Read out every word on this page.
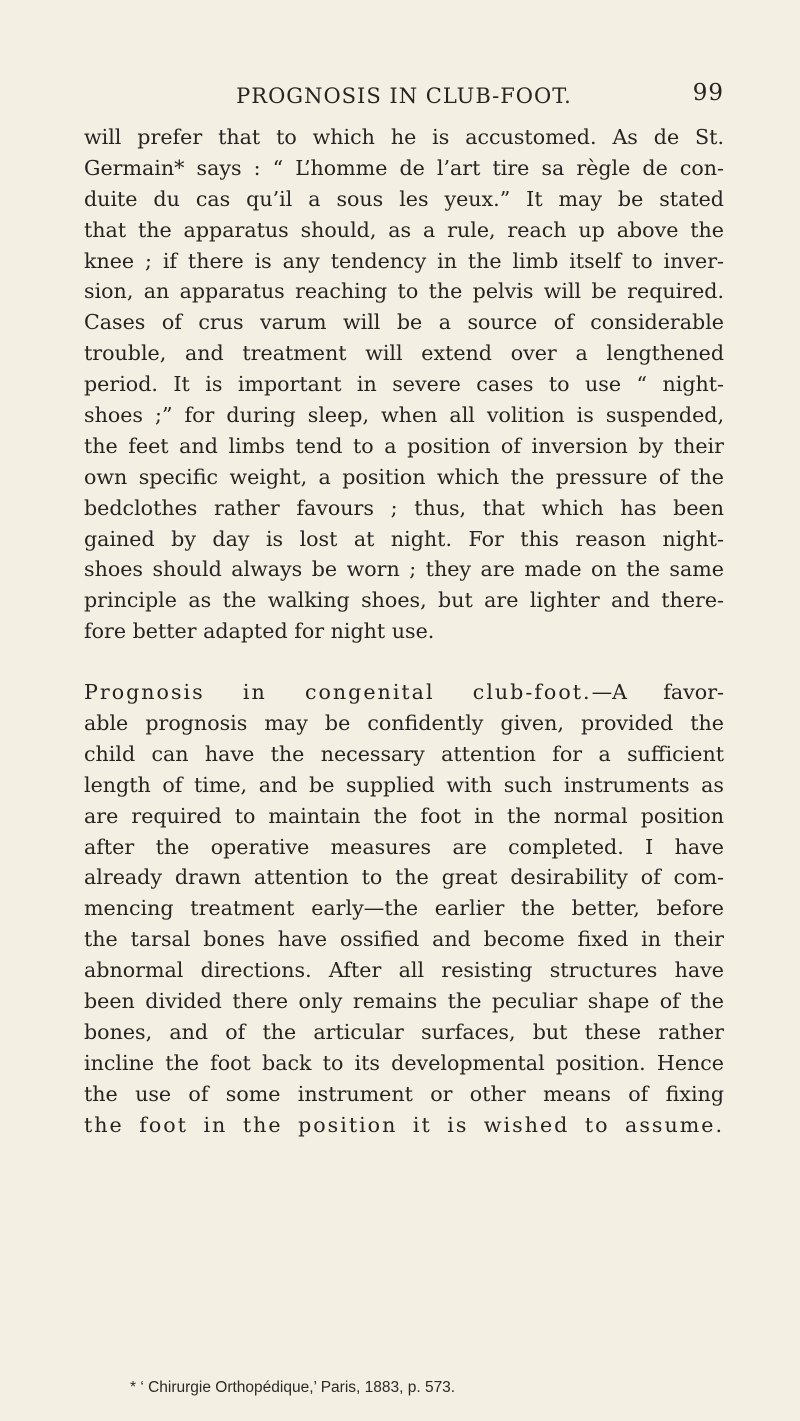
PROGNOSIS IN CLUB-FOOT.	99
will prefer that to which he is accustomed. As de St.
Germain* says : “ L’homme de l’art tire sa règle de con-
duite du cas qu’il a sous les yeux.” It may be stated
that the apparatus should, as a rule, reach up above the
knee ; if there is any tendency in the limb itself to inver-
sion, an apparatus reaching to the pelvis will be required.
Cases of crus varum will be a source of considerable
trouble, and treatment will extend over a lengthened
period. It is important in severe cases to use “ night-
shoes ;” for during sleep, when all volition is suspended,
the feet and limbs tend to a position of inversion by their
own specific weight, a position which the pressure of the
bedclothes rather favours ; thus, that which has been
gained by day is lost at night. For this reason night-
shoes should always be worn ; they are made on the same
principle as the walking shoes, but are lighter and there-
fore better adapted for night use.
Prognosis in congenital club-foot.—A favor-
able prognosis may be confidently given, provided the
child can have the necessary attention for a sufficient
length of time, and be supplied with such instruments as
are required to maintain the foot in the normal position
after the operative measures are completed. I have
already drawn attention to the great desirability of com-
mencing treatment early—the earlier the better, before
the tarsal bones have ossified and become fixed in their
abnormal directions. After all resisting structures have
been divided there only remains the peculiar shape of the
bones, and of the articular surfaces, but these rather
incline the foot back to its developmental position. Hence
the use of some instrument or other means of fixing
the foot in the position it is wished to assume.
* ‘ Chirurgie Orthopédique,’ Paris, 1883, p. 573.
